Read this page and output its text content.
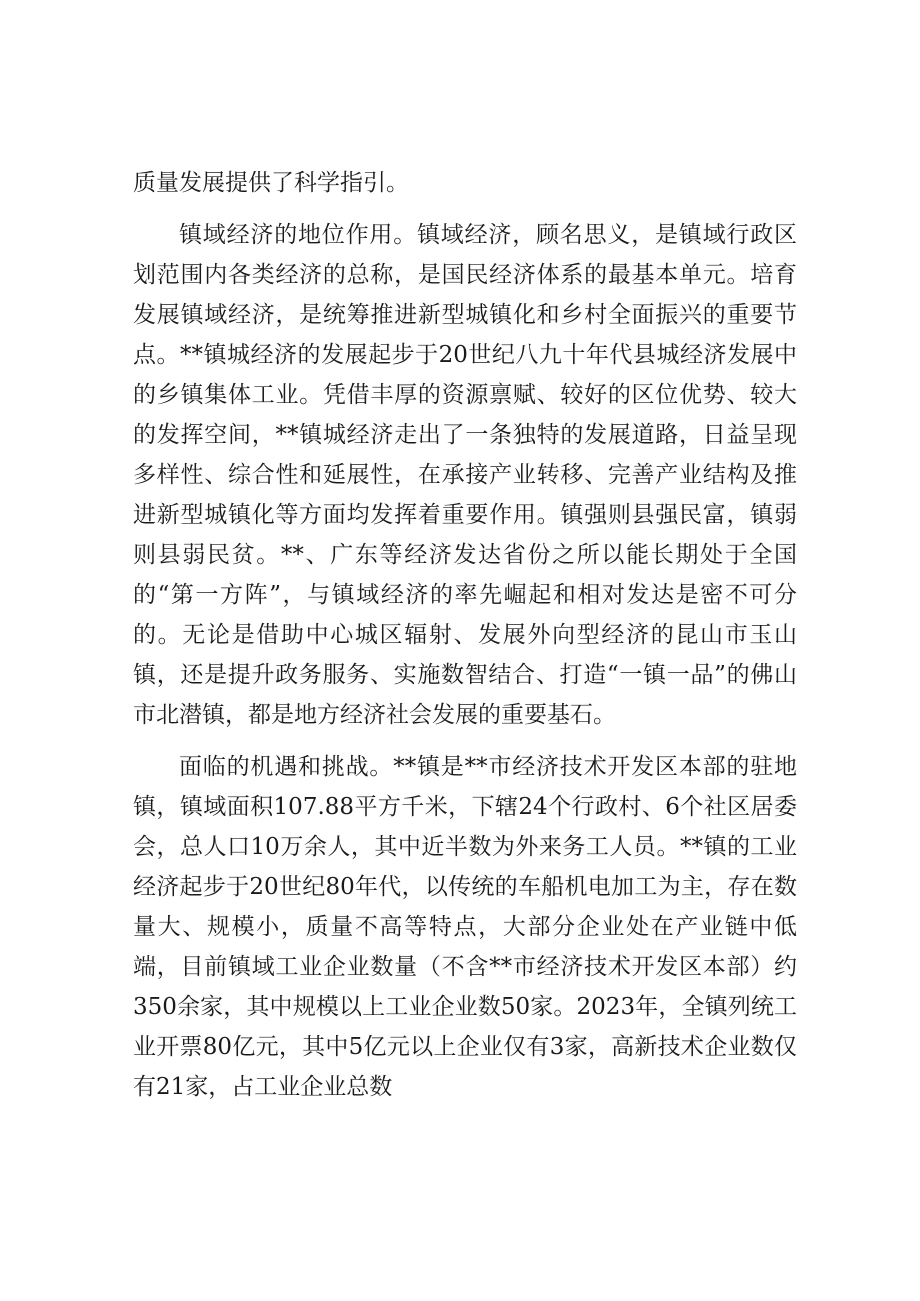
质量发展提供了科学指引。

镇域经济的地位作用。镇域经济，顾名思义，是镇域行政区划范围内各类经济的总称，是国民经济体系的最基本单元。培育发展镇域经济，是统筹推进新型城镇化和乡村全面振兴的重要节点。**镇城经济的发展起步于20世纪八九十年代县城经济发展中的乡镇集体工业。凭借丰厚的资源禀赋、较好的区位优势、较大的发挥空间，**镇城经济走出了一条独特的发展道路，日益呈现多样性、综合性和延展性，在承接产业转移、完善产业结构及推进新型城镇化等方面均发挥着重要作用。镇强则县强民富，镇弱则县弱民贫。**、广东等经济发达省份之所以能长期处于全国的“第一方阵”，与镇域经济的率先崛起和相对发达是密不可分的。无论是借助中心城区辐射、发展外向型经济的昆山市玉山镇，还是提升政务服务、实施数智结合、打造“一镇一品”的佛山市北潜镇，都是地方经济社会发展的重要基石。

面临的机遇和挑战。**镇是**市经济技术开发区本部的驻地镇，镇域面积107.88平方千米，下辖24个行政村、6个社区居委会，总人口10万余人，其中近半数为外来务工人员。**镇的工业经济起步于20世纪80年代，以传统的车船机电加工为主，存在数量大、规模小，质量不高等特点，大部分企业处在产业链中低端，目前镇域工业企业数量（不含**市经济技术开发区本部）约350余家，其中规模以上工业企业数50家。2023年，全镇列统工业开票80亿元，其中5亿元以上企业仅有3家，高新技术企业数仅有21家，占工业企业总数
